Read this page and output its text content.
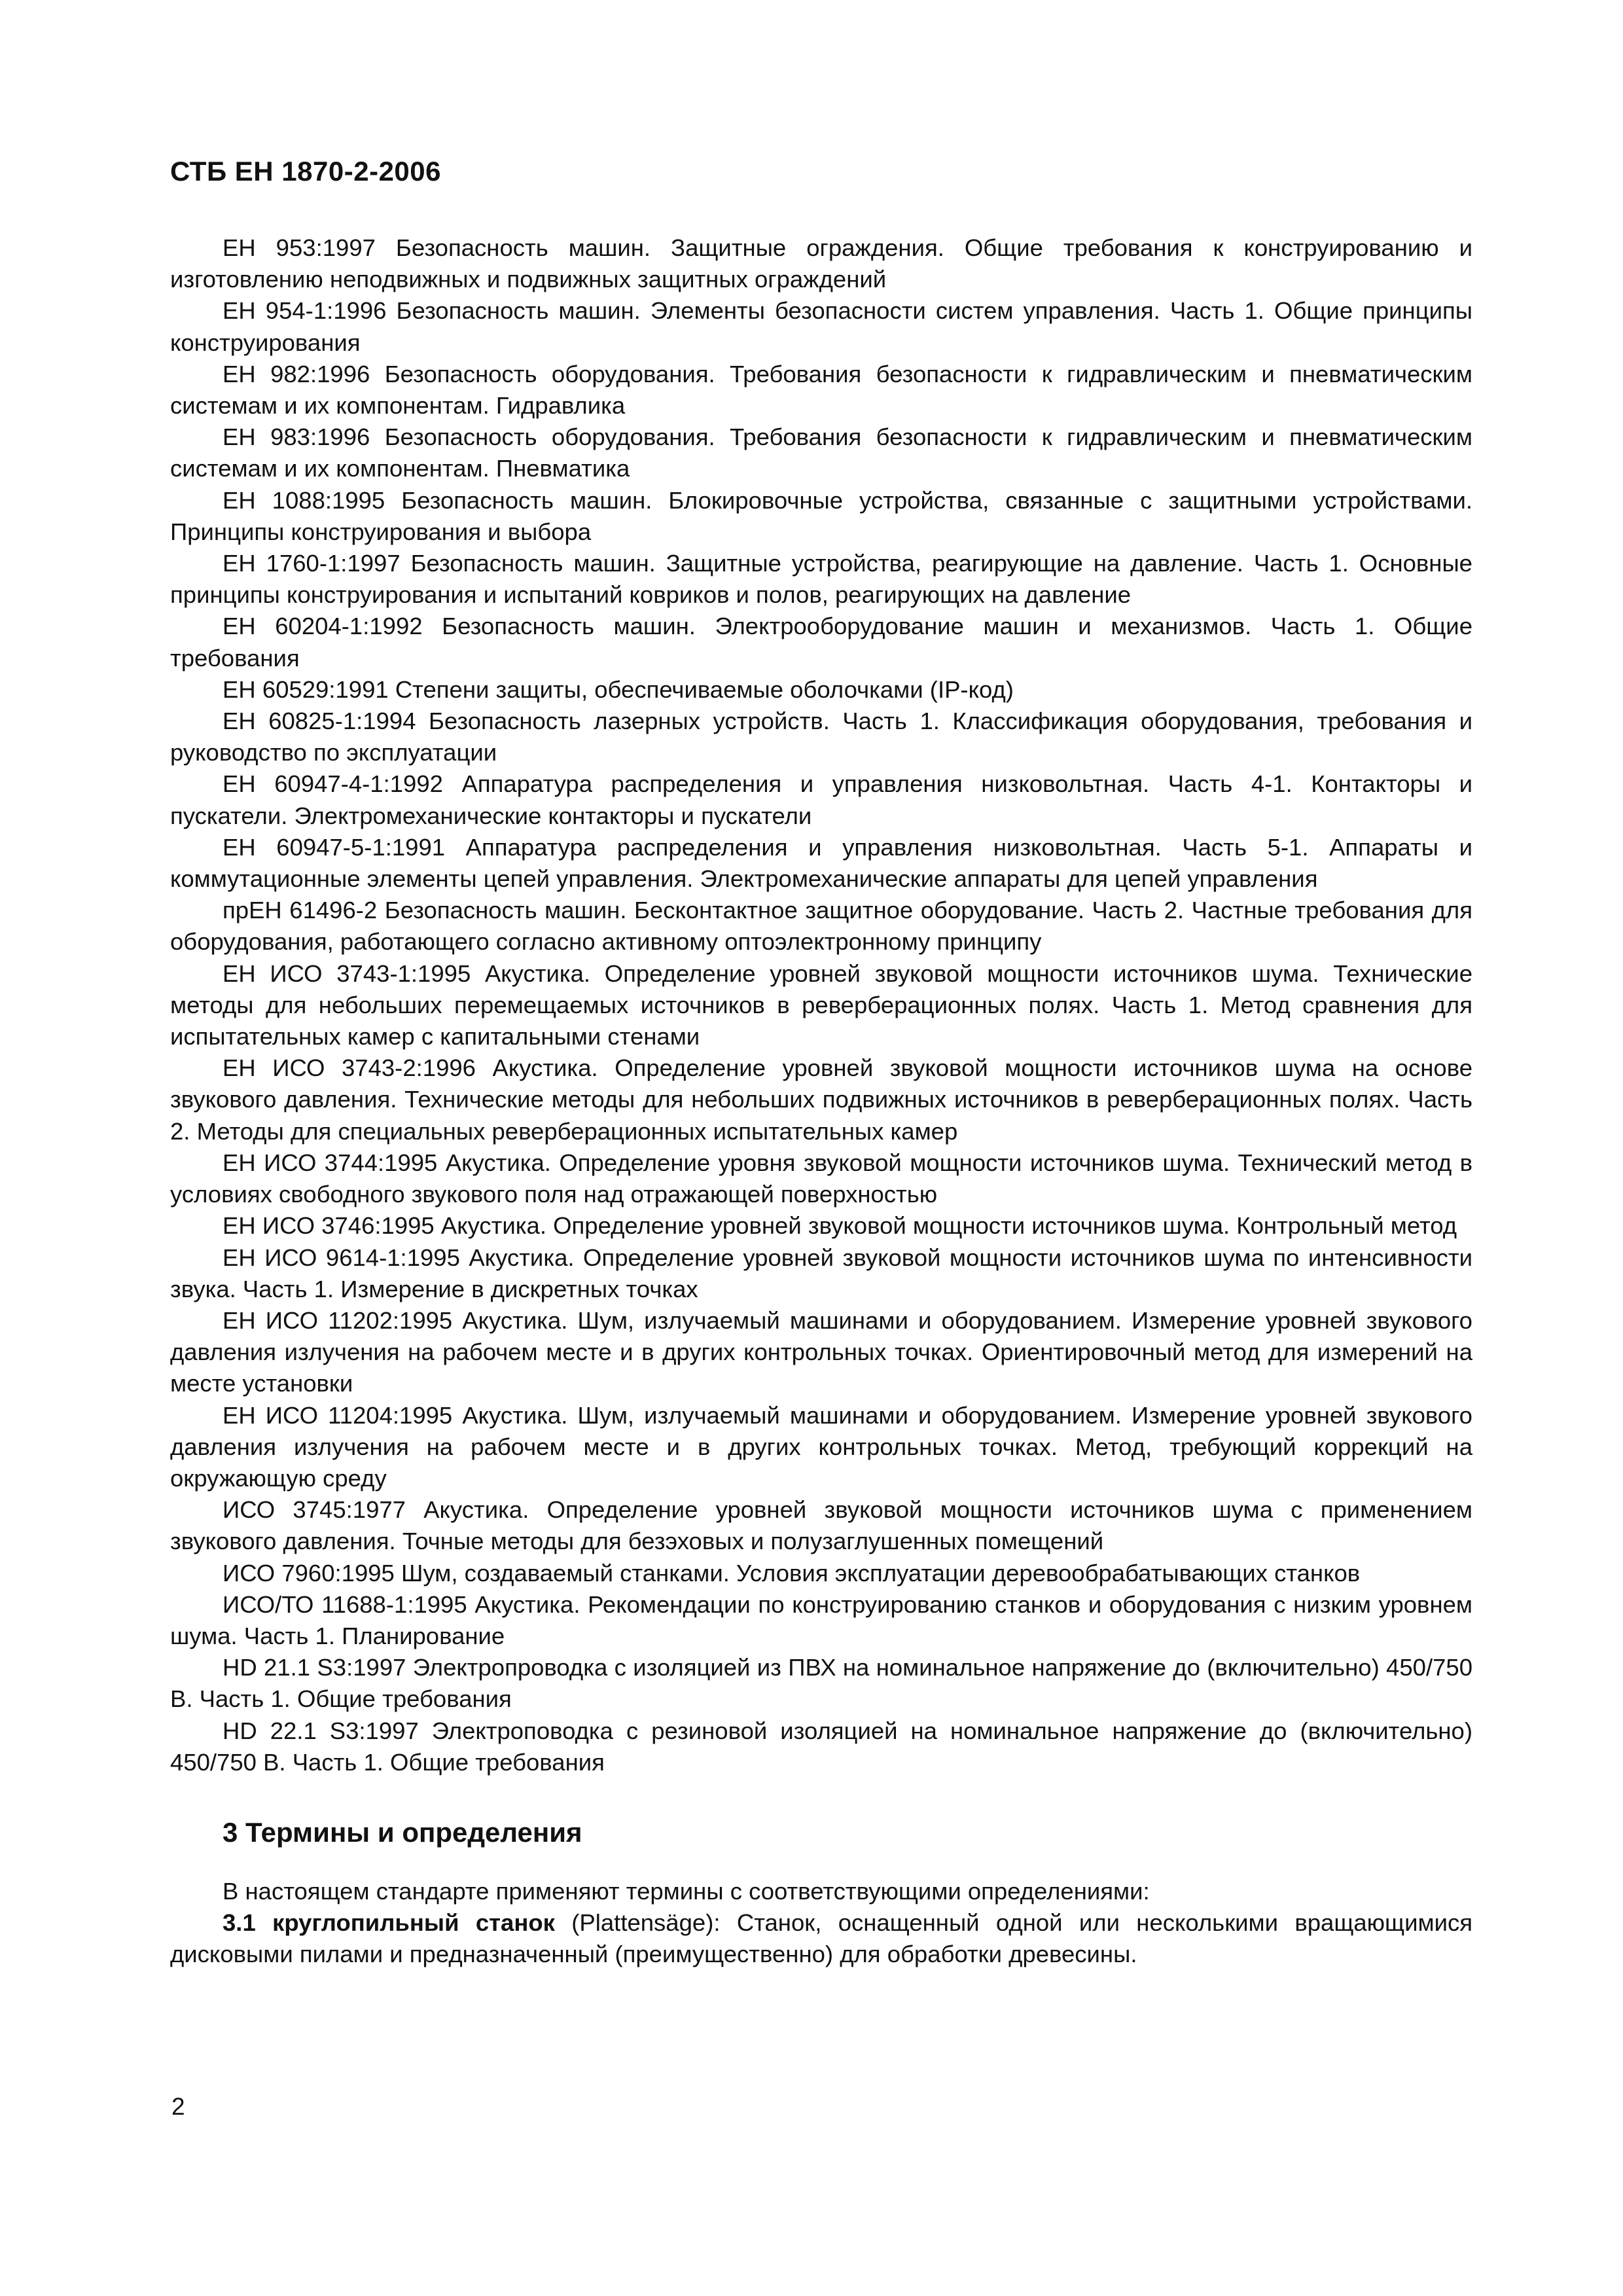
СТБ ЕН 1870-2-2006

ЕН 953:1997 Безопасность машин. Защитные ограждения. Общие требования к конструированию и изготовлению неподвижных и подвижных защитных ограждений

ЕН 954-1:1996 Безопасность машин. Элементы безопасности систем управления. Часть 1. Общие принципы конструирования

ЕН 982:1996 Безопасность оборудования. Требования безопасности к гидравлическим и пневматическим системам и их компонентам. Гидравлика

ЕН 983:1996 Безопасность оборудования. Требования безопасности к гидравлическим и пневматическим системам и их компонентам. Пневматика

ЕН 1088:1995 Безопасность машин. Блокировочные устройства, связанные с защитными устройствами. Принципы конструирования и выбора

ЕН 1760-1:1997 Безопасность машин. Защитные устройства, реагирующие на давление. Часть 1. Основные принципы конструирования и испытаний ковриков и полов, реагирующих на давление

ЕН 60204-1:1992 Безопасность машин. Электрооборудование машин и механизмов. Часть 1. Общие требования

ЕН 60529:1991 Степени защиты, обеспечиваемые оболочками (IP-код)

ЕН 60825-1:1994 Безопасность лазерных устройств. Часть 1. Классификация оборудования, требования и руководство по эксплуатации

ЕН 60947-4-1:1992 Аппаратура распределения и управления низковольтная. Часть 4-1. Контакторы и пускатели. Электромеханические контакторы и пускатели

ЕН 60947-5-1:1991 Аппаратура распределения и управления низковольтная. Часть 5-1. Аппараты и коммутационные элементы цепей управления. Электромеханические аппараты для цепей управления

прЕН 61496-2 Безопасность машин. Бесконтактное защитное оборудование. Часть 2. Частные требования для оборудования, работающего согласно активному оптоэлектронному принципу

ЕН ИСО 3743-1:1995 Акустика. Определение уровней звуковой мощности источников шума. Технические методы для небольших перемещаемых источников в реверберационных полях. Часть 1. Метод сравнения для испытательных камер с капитальными стенами

ЕН ИСО 3743-2:1996 Акустика. Определение уровней звуковой мощности источников шума на основе звукового давления. Технические методы для небольших подвижных источников в реверберационных полях. Часть 2. Методы для специальных реверберационных испытательных камер

ЕН ИСО 3744:1995 Акустика. Определение уровня звуковой мощности источников шума. Технический метод в условиях свободного звукового поля над отражающей поверхностью

ЕН ИСО 3746:1995 Акустика. Определение уровней звуковой мощности источников шума. Контрольный метод

ЕН ИСО 9614-1:1995 Акустика. Определение уровней звуковой мощности источников шума по интенсивности звука. Часть 1. Измерение в дискретных точках

ЕН ИСО 11202:1995 Акустика. Шум, излучаемый машинами и оборудованием. Измерение уровней звукового давления излучения на рабочем месте и в других контрольных точках. Ориентировочный метод для измерений на месте установки

ЕН ИСО 11204:1995 Акустика. Шум, излучаемый машинами и оборудованием. Измерение уровней звукового давления излучения на рабочем месте и в других контрольных точках. Метод, требующий коррекций на окружающую среду

ИСО 3745:1977 Акустика. Определение уровней звуковой мощности источников шума с применением звукового давления. Точные методы для безэховых и полузаглушенных помещений

ИСО 7960:1995 Шум, создаваемый станками. Условия эксплуатации деревообрабатывающих станков

ИСО/ТО 11688-1:1995 Акустика. Рекомендации по конструированию станков и оборудования с низким уровнем шума. Часть 1. Планирование

HD 21.1 S3:1997 Электропроводка с изоляцией из ПВХ на номинальное напряжение до (включительно) 450/750 В. Часть 1. Общие требования

HD 22.1 S3:1997 Электроповодка с резиновой изоляцией на номинальное напряжение до (включительно) 450/750 В. Часть 1. Общие требования

3 Термины и определения

В настоящем стандарте применяют термины с соответствующими определениями:

3.1 круглопильный станок (Plattensäge): Станок, оснащенный одной или несколькими вращающимися дисковыми пилами и предназначенный (преимущественно) для обработки древесины.

2
